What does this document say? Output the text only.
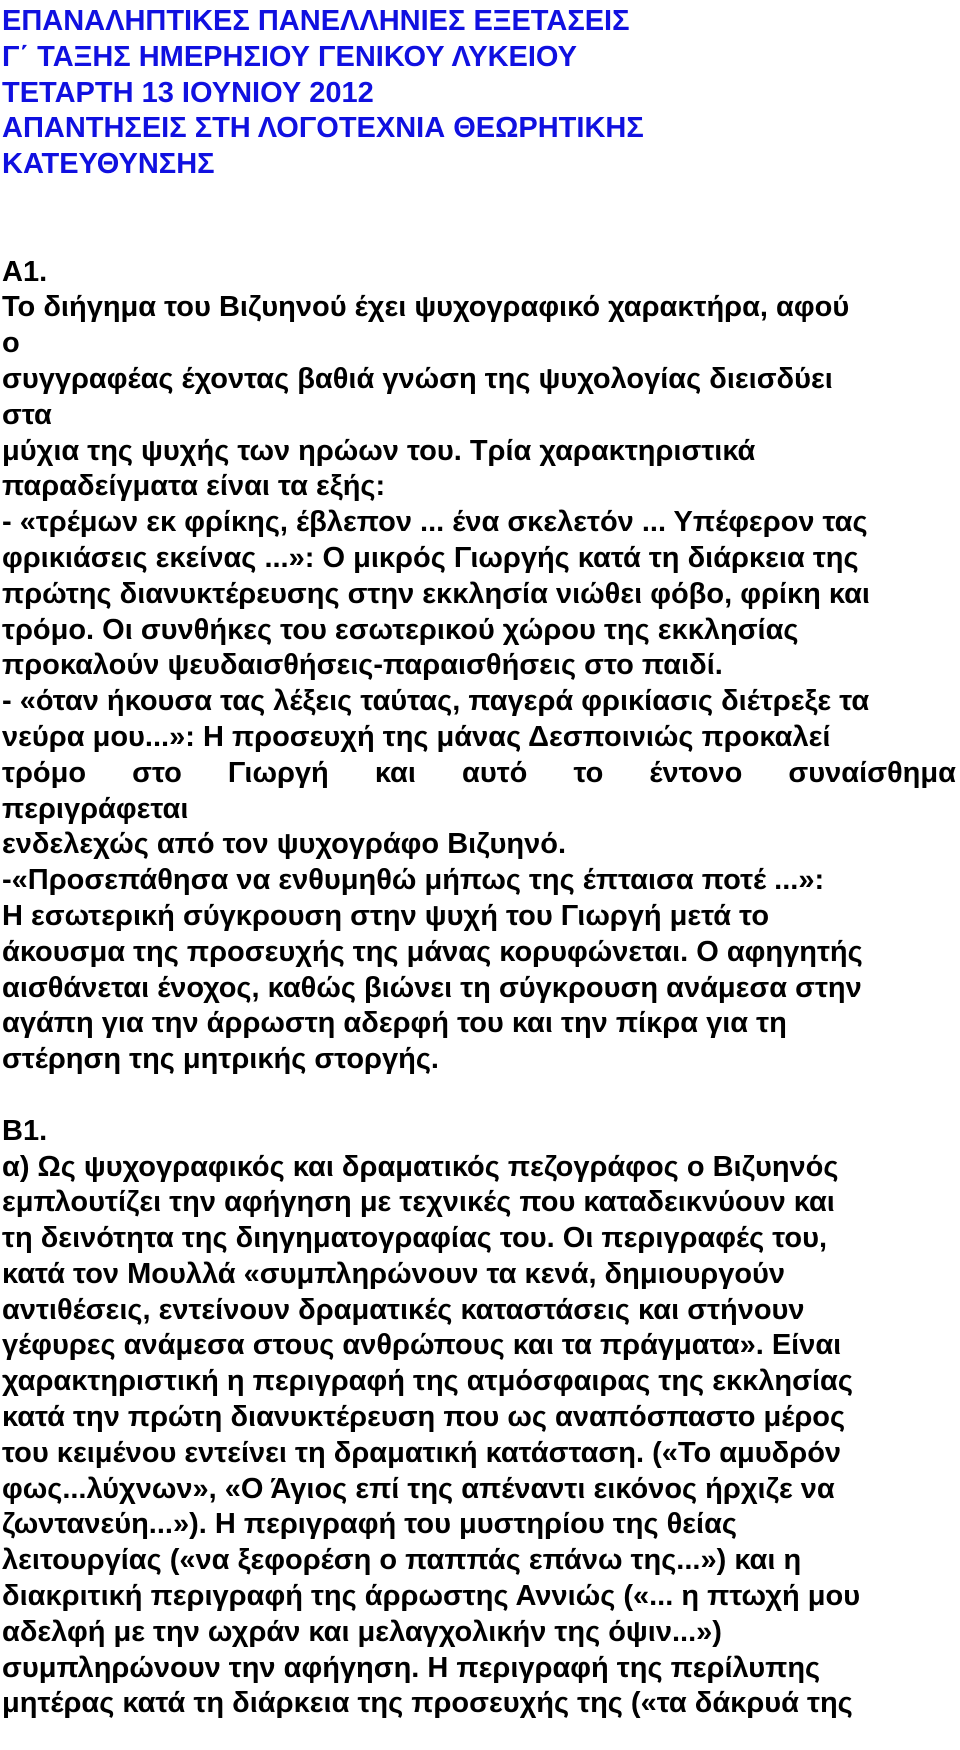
ΕΠΑΝΑΛΗΠΤΙΚΕΣ ΠΑΝΕΛΛΗΝΙΕΣ ΕΞΕΤΑΣΕΙΣ
Γ΄ ΤΑΞΗΣ ΗΜΕΡΗΣΙΟΥ ΓΕΝΙΚΟΥ ΛΥΚΕΙΟΥ
ΤΕΤΑΡΤΗ 13 ΙΟΥΝΙΟΥ 2012
ΑΠΑΝΤΗΣΕΙΣ ΣΤΗ ΛΟΓΟΤΕΧΝΙΑ ΘΕΩΡΗΤΙΚΗΣ
ΚΑΤΕΥΘΥΝΣΗΣ
Α1.
Το διήγημα του Βιζυηνού έχει ψυχογραφικό χαρακτήρα, αφού
ο
συγγραφέας έχοντας βαθιά γνώση της ψυχολογίας διεισδύει
στα
μύχια της ψυχής των ηρώων του. Τρία χαρακτηριστικά
παραδείγματα είναι τα εξής:
- «τρέμων εκ φρίκης, έβλεπον ... ένα σκελετόν ... Υπέφερον τας
φρικιάσεις εκείνας ...»: Ο μικρός Γιωργής κατά τη διάρκεια της
πρώτης διανυκτέρευσης στην εκκλησία νιώθει φόβο, φρίκη και
τρόμο. Οι συνθήκες του εσωτερικού χώρου της εκκλησίας
προκαλούν ψευδαισθήσεις-παραισθήσεις στο παιδί.
- «όταν ήκουσα τας λέξεις ταύτας, παγερά φρικίασις διέτρεξε τα
νεύρα μου...»: Η προσευχή της μάνας Δεσποινιώς προκαλεί
τρόμο στο Γιωργή και αυτό το έντονο συναίσθημα
περιγράφεται
ενδελεχώς από τον ψυχογράφο Βιζυηνό.
-«Προσεπάθησα να ενθυμηθώ μήπως της έπταισα ποτέ ...»:
Η εσωτερική σύγκρουση στην ψυχή του Γιωργή μετά το
άκουσμα της προσευχής της μάνας κορυφώνεται. Ο αφηγητής
αισθάνεται ένοχος, καθώς βιώνει τη σύγκρουση ανάμεσα στην
αγάπη για την άρρωστη αδερφή του και την πίκρα για τη
στέρηση της μητρικής στοργής.
Β1.
α) Ως ψυχογραφικός και δραματικός πεζογράφος ο Βιζυηνός
εμπλουτίζει την αφήγηση με τεχνικές που καταδεικνύουν και
τη δεινότητα της διηγηματογραφίας του. Οι περιγραφές του,
κατά τον Μουλλά «συμπληρώνουν τα κενά, δημιουργούν
αντιθέσεις, εντείνουν δραματικές καταστάσεις και στήνουν
γέφυρες ανάμεσα στους ανθρώπους και τα πράγματα». Είναι
χαρακτηριστική η περιγραφή της ατμόσφαιρας της εκκλησίας
κατά την πρώτη διανυκτέρευση που ως αναπόσπαστο μέρος
του κειμένου εντείνει τη δραματική κατάσταση. («Το αμυδρόν
φως...λύχνων», «Ο Άγιος επί της απέναντι εικόνος ήρχιζε να
ζωντανεύη...»). Η περιγραφή του μυστηρίου της θείας
λειτουργίας («να ξεφορέση ο παππάς επάνω της...») και η
διακριτική περιγραφή της άρρωστης Αννιώς («... η πτωχή μου
αδελφή με την ωχράν και μελαγχολικήν της όψιν...»)
συμπληρώνουν την αφήγηση. Η περιγραφή της περίλυπης
μητέρας κατά τη διάρκεια της προσευχής της («τα δάκρυά της
